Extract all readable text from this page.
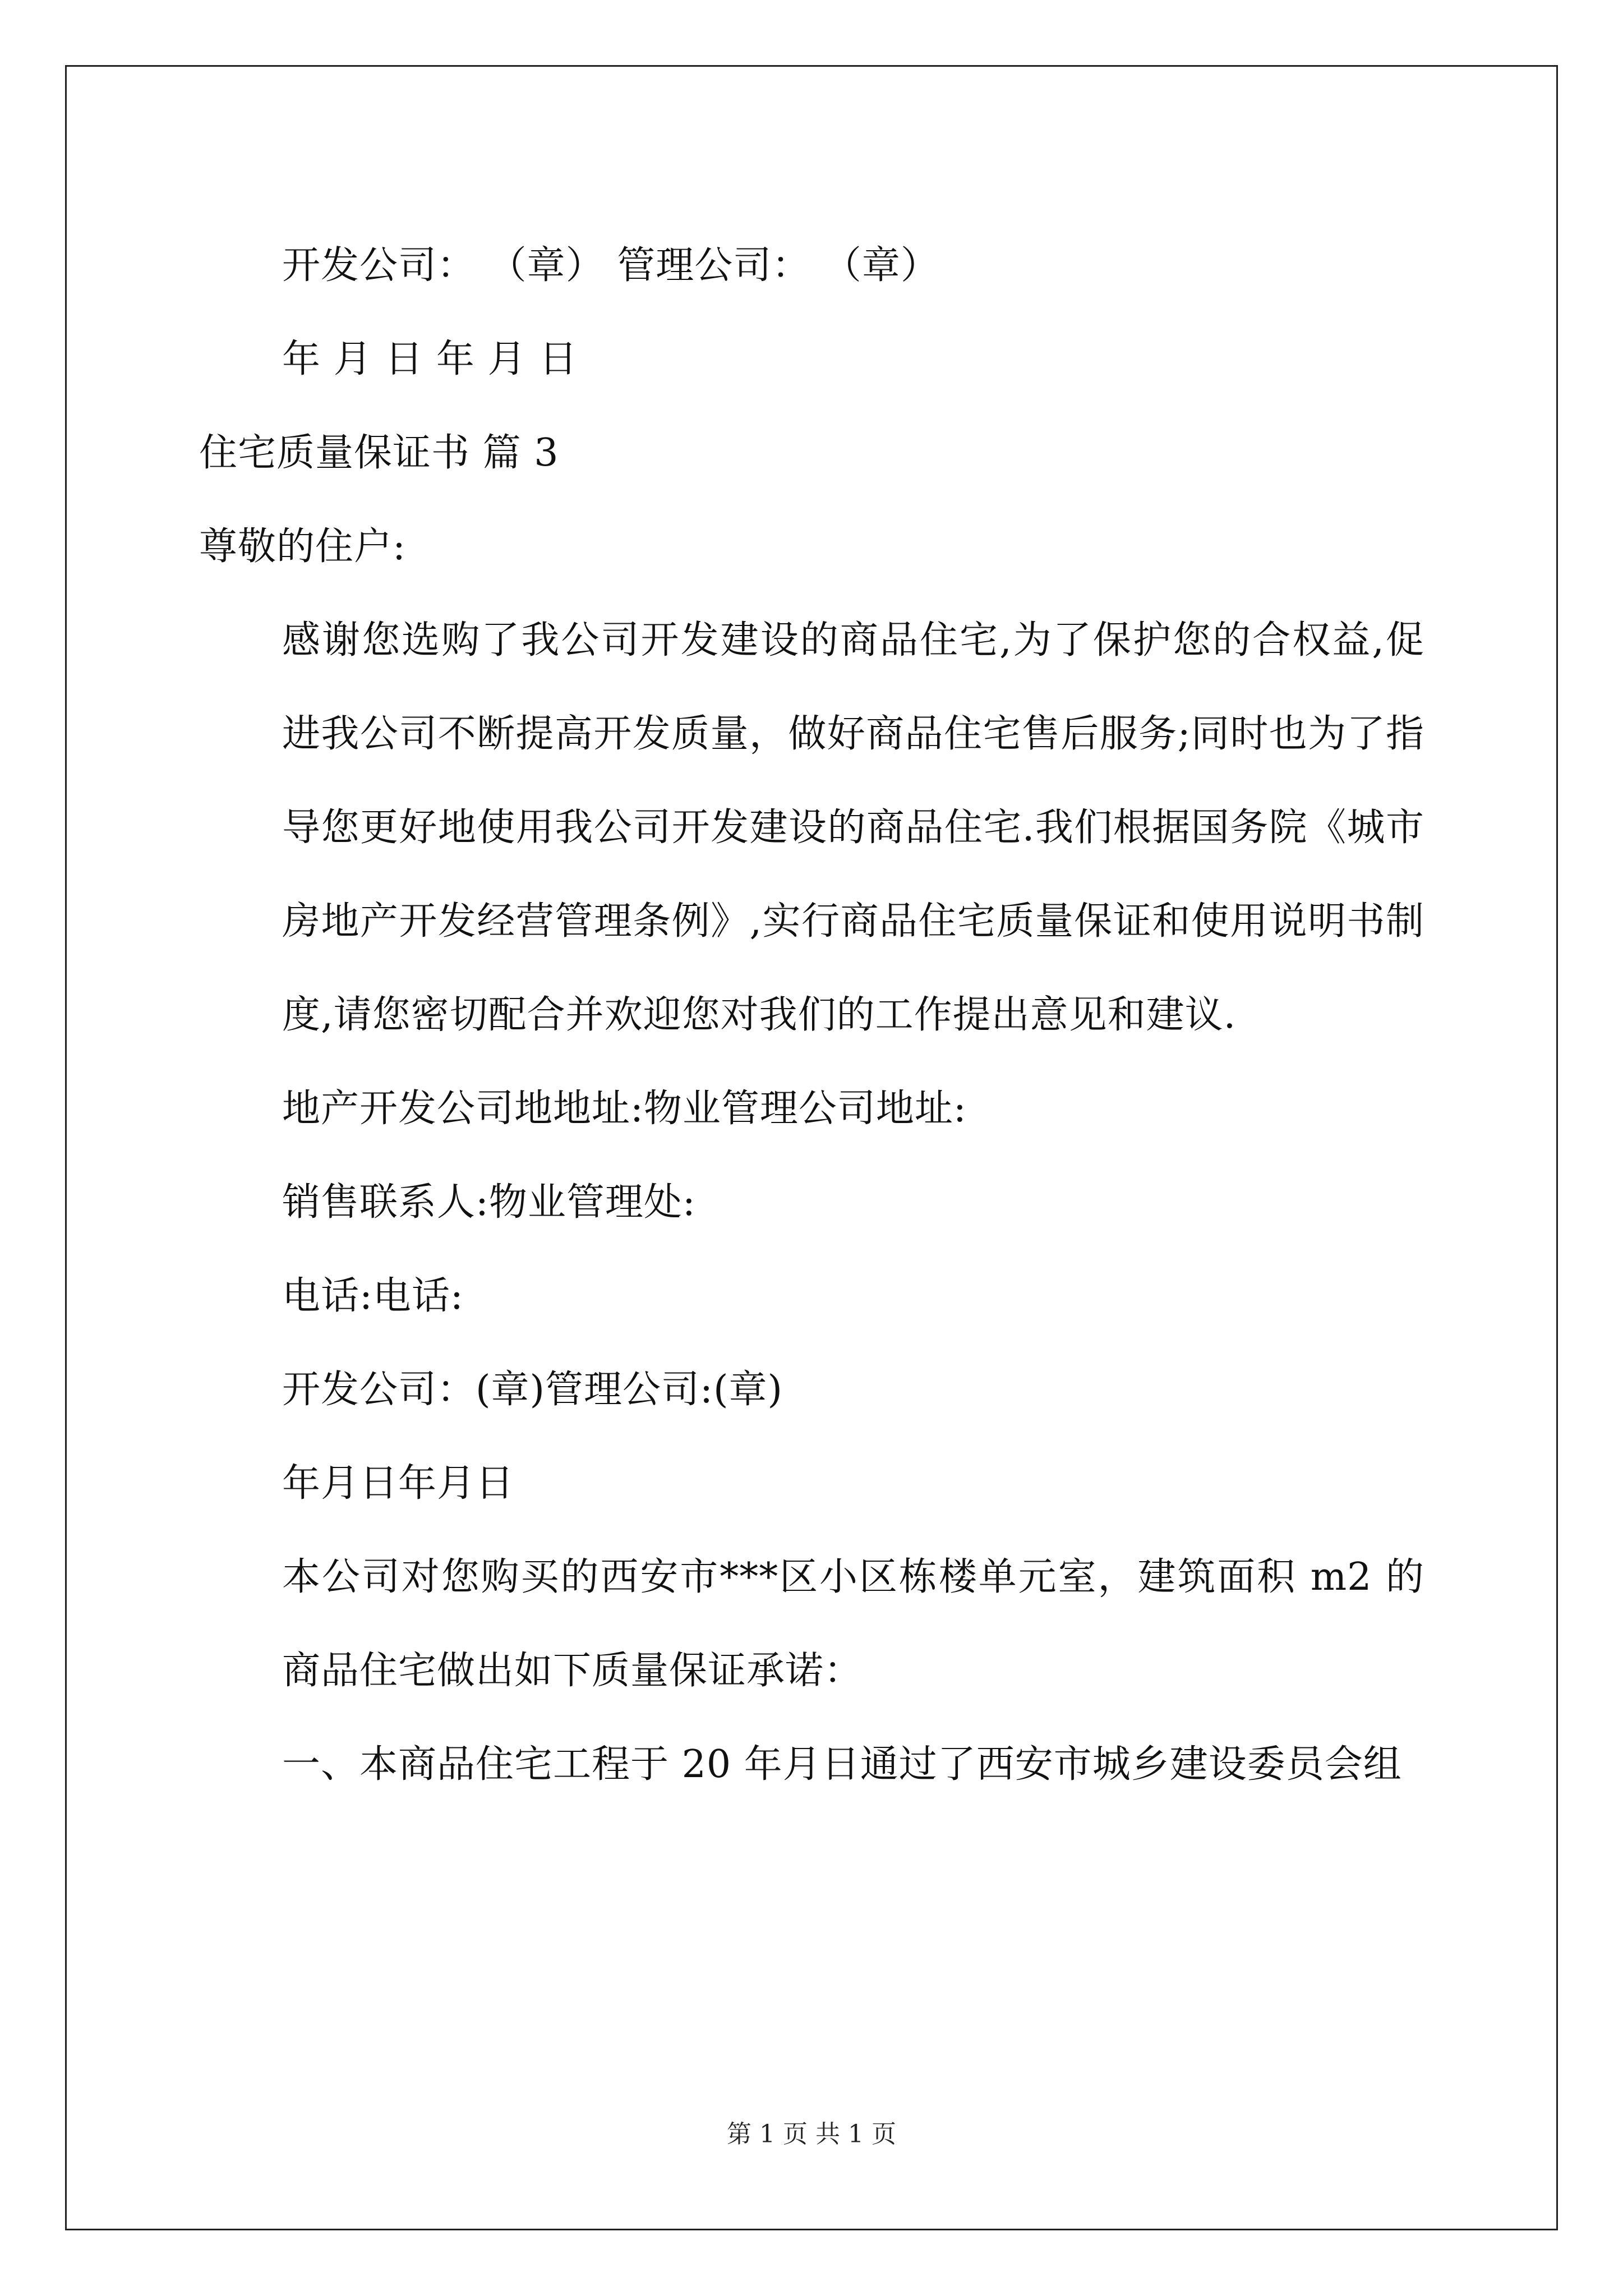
开发公司： （章） 管理公司： （章）

年 月 日 年 月 日

住宅质量保证书 篇 3

尊敬的住户:

感谢您选购了我公司开发建设的商品住宅,为了保护您的合权益,促进我公司不断提高开发质量，做好商品住宅售后服务;同时也为了指导您更好地使用我公司开发建设的商品住宅.我们根据国务院《城市房地产开发经营管理条例》,实行商品住宅质量保证和使用说明书制度,请您密切配合并欢迎您对我们的工作提出意见和建议.

地产开发公司地地址:物业管理公司地址:

销售联系人:物业管理处:

电话:电话:

开发公司：(章)管理公司:(章)

年月日年月日

本公司对您购买的西安市***区小区栋楼单元室，建筑面积 m2 的商品住宅做出如下质量保证承诺：

一、本商品住宅工程于 20 年月日通过了西安市城乡建设委员会组

第 1 页 共 1 页
